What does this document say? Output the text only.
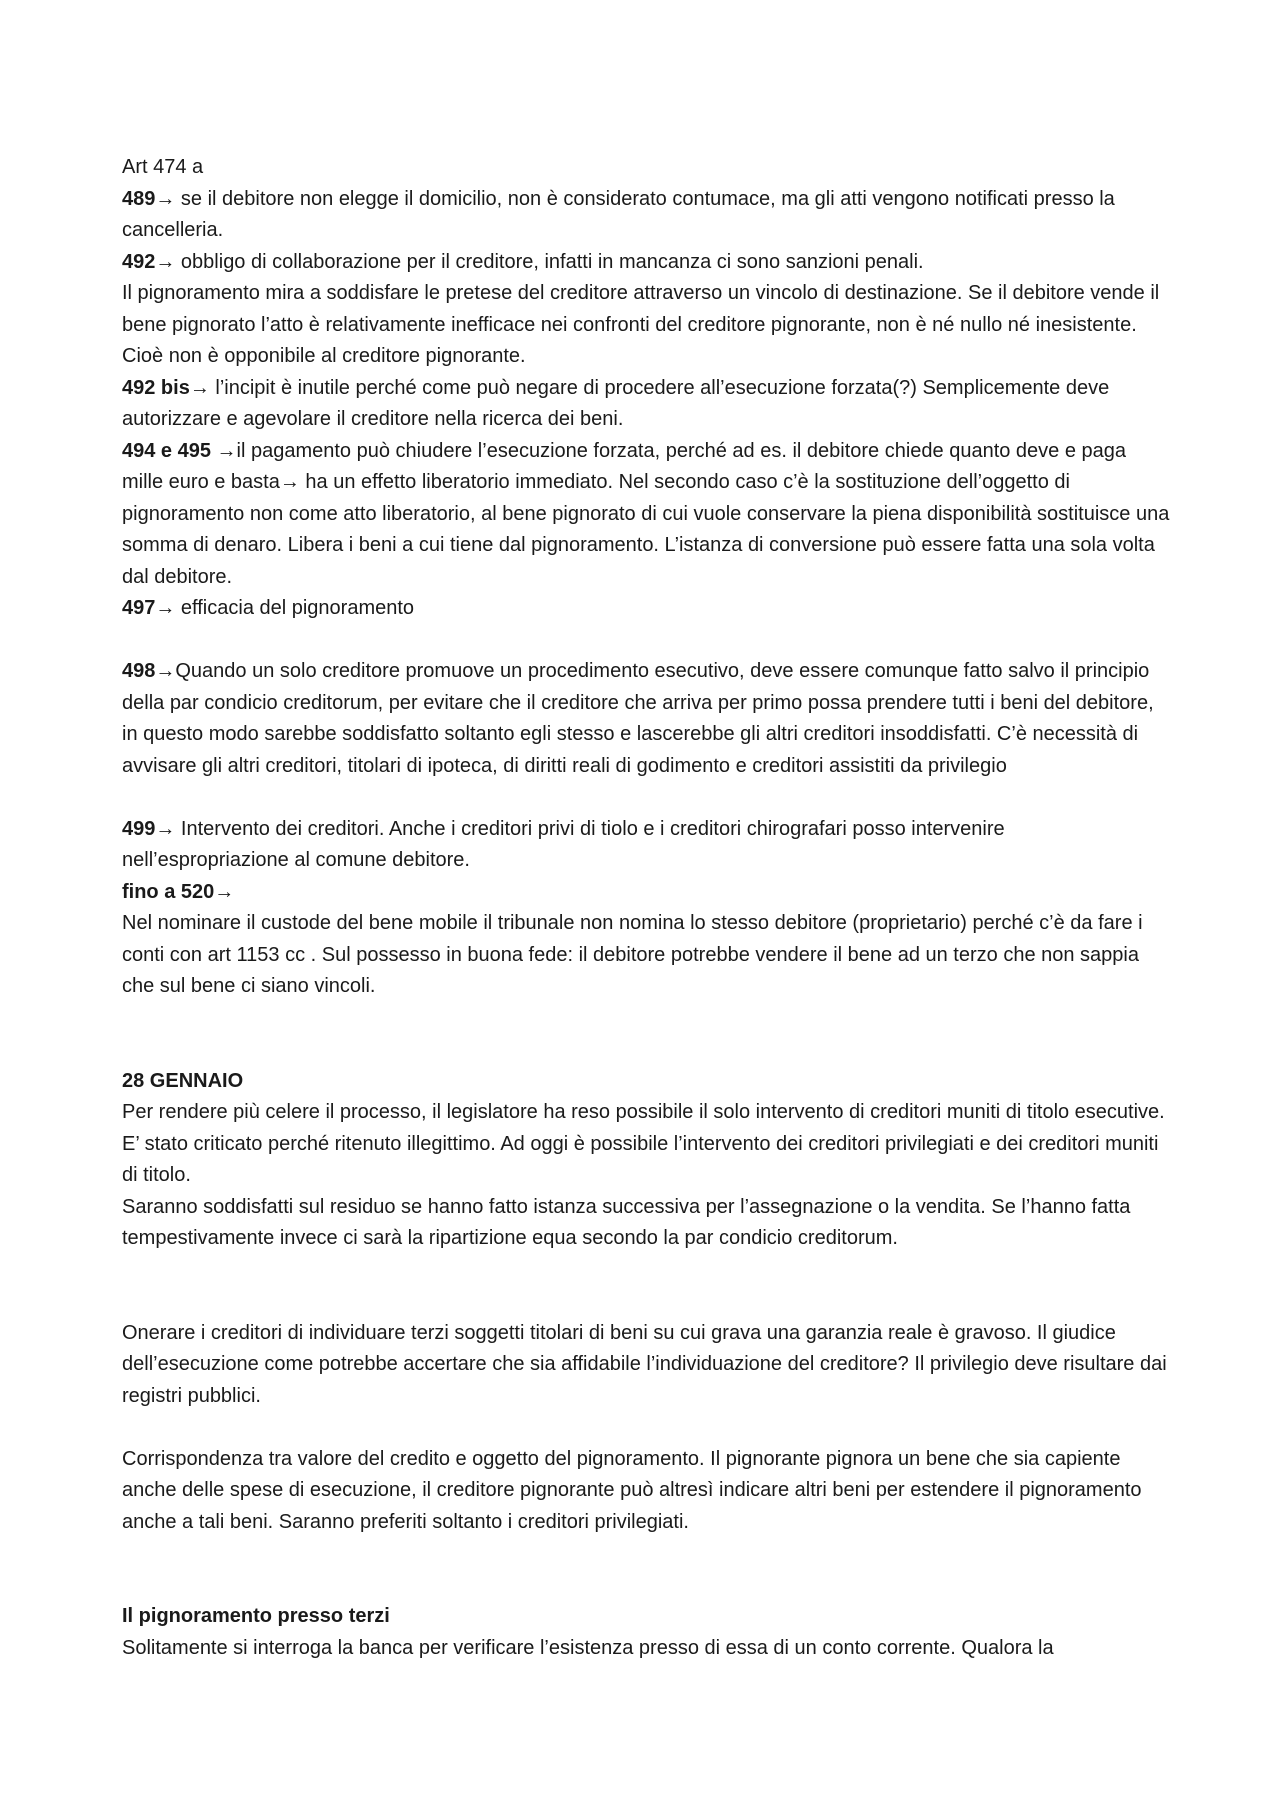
Art 474 a

489→ se il debitore non elegge il domicilio, non è considerato contumace, ma gli atti vengono notificati presso la cancelleria.

492→ obbligo di collaborazione per il creditore, infatti in mancanza ci sono sanzioni penali.

Il pignoramento mira a soddisfare le pretese del creditore attraverso un vincolo di destinazione. Se il debitore vende il bene pignorato l’atto è relativamente inefficace nei confronti del creditore pignorante, non è né nullo né inesistente. Cioè non è opponibile al creditore pignorante.

492 bis→ l’incipit è inutile perché come può negare di procedere all’esecuzione forzata(?) Semplicemente deve autorizzare e agevolare il creditore nella ricerca dei beni.

494 e 495 →il pagamento può chiudere l’esecuzione forzata, perché ad es. il debitore chiede quanto deve e paga mille euro e basta→ ha un effetto liberatorio immediato. Nel secondo caso c’è la sostituzione dell’oggetto di pignoramento non come atto liberatorio, al bene pignorato di cui vuole conservare la piena disponibilità sostituisce una somma di denaro. Libera i beni a cui tiene dal pignoramento. L’istanza di conversione può essere fatta una sola volta dal debitore.

497→ efficacia del pignoramento

498→Quando un solo creditore promuove un procedimento esecutivo, deve essere comunque fatto salvo il principio della par condicio creditorum, per evitare che il creditore che arriva per primo possa prendere tutti i beni del debitore, in questo modo sarebbe soddisfatto soltanto egli stesso e lascerebbe gli altri creditori insoddisfatti. C’è necessità di avvisare gli altri creditori, titolari di ipoteca, di diritti reali di godimento e creditori assistiti da privilegio

499→ Intervento dei creditori. Anche i creditori privi di tiolo e i creditori chirografari posso intervenire nell’espropriazione al comune debitore.

fino a 520→

Nel nominare il custode del bene mobile il tribunale non nomina lo stesso debitore (proprietario) perché c’è da fare i conti con art 1153 cc . Sul possesso in buona fede: il debitore potrebbe vendere il bene ad un terzo che non sappia che sul bene ci siano vincoli.

28 GENNAIO

Per rendere più celere il processo, il legislatore ha reso possibile il solo intervento di creditori muniti di titolo esecutive. E’ stato criticato perché ritenuto illegittimo. Ad oggi è possibile l’intervento dei creditori privilegiati e dei creditori muniti di titolo.

Saranno soddisfatti sul residuo se hanno fatto istanza successiva per l’assegnazione o la vendita. Se l’hanno fatta tempestivamente invece ci sarà la ripartizione equa secondo la par condicio creditorum.

Onerare i creditori di individuare terzi soggetti titolari di beni su cui grava una garanzia reale è gravoso. Il giudice dell’esecuzione come potrebbe accertare che sia affidabile l’individuazione del creditore? Il privilegio deve risultare dai registri pubblici.

Corrispondenza tra valore del credito e oggetto del pignoramento. Il pignorante pignora un bene che sia capiente anche delle spese di esecuzione, il creditore pignorante può altresì indicare altri beni per estendere il pignoramento anche a tali beni. Saranno preferiti soltanto i creditori privilegiati.

Il pignoramento presso terzi

Solitamente si interroga la banca per verificare l’esistenza presso di essa di un conto corrente. Qualora la
